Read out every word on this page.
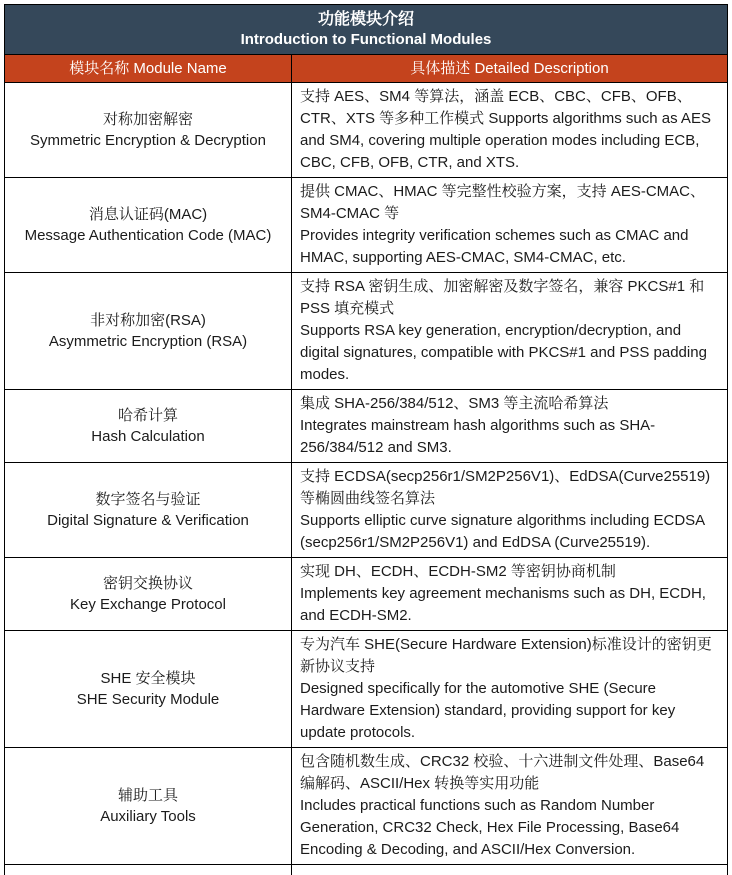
功能模块介绍
Introduction to Functional Modules
模块名称 Module Name	具体描述 Detailed Description
对称加密解密
Symmetric Encryption & Decryption
支持 AES、SM4 等算法，涵盖 ECB、CBC、CFB、OFB、CTR、XTS 等多种工作模式 Supports algorithms such as AES and SM4, covering multiple operation modes including ECB, CBC, CFB, OFB, CTR, and XTS.
消息认证码(MAC)
Message Authentication Code (MAC)
提供 CMAC、HMAC 等完整性校验方案，支持 AES-CMAC、SM4-CMAC 等
Provides integrity verification schemes such as CMAC and HMAC, supporting AES-CMAC, SM4-CMAC, etc.
非对称加密(RSA)
Asymmetric Encryption (RSA)
支持 RSA 密钥生成、加密解密及数字签名，兼容 PKCS#1 和 PSS 填充模式
Supports RSA key generation, encryption/decryption, and digital signatures, compatible with PKCS#1 and PSS padding modes.
哈希计算
Hash Calculation
集成 SHA-256/384/512、SM3 等主流哈希算法
Integrates mainstream hash algorithms such as SHA-256/384/512 and SM3.
数字签名与验证
Digital Signature & Verification
支持 ECDSA(secp256r1/SM2P256V1)、EdDSA(Curve25519)等椭圆曲线签名算法
Supports elliptic curve signature algorithms including ECDSA (secp256r1/SM2P256V1) and EdDSA (Curve25519).
密钥交换协议
Key Exchange Protocol
实现 DH、ECDH、ECDH-SM2 等密钥协商机制
Implements key agreement mechanisms such as DH, ECDH, and ECDH-SM2.
SHE 安全模块
SHE Security Module
专为汽车 SHE(Secure Hardware Extension)标准设计的密钥更新协议支持
Designed specifically for the automotive SHE (Secure Hardware Extension) standard, providing support for key update protocols.
辅助工具
Auxiliary Tools
包含随机数生成、CRC32 校验、十六进制文件处理、Base64 编解码、ASCII/Hex 转换等实用功能
Includes practical functions such as Random Number Generation, CRC32 Check, Hex File Processing, Base64 Encoding & Decoding, and ASCII/Hex Conversion.
